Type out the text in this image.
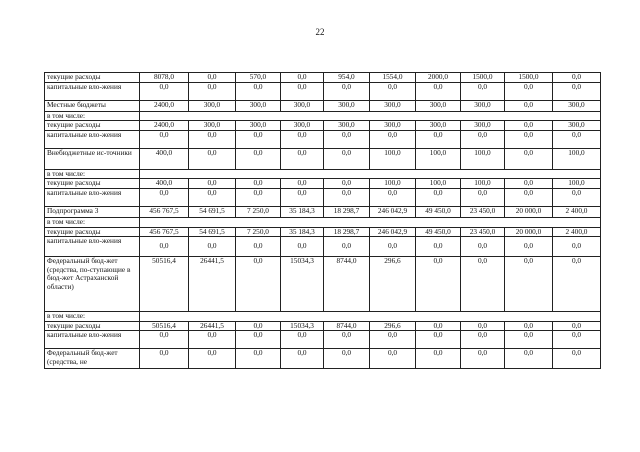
22
текущие расходы	8078,0	0,0	570,0	0,0	954,0	1554,0	2000,0	1500,0	1500,0	0,0
капитальные вло-жения	0,0	0,0	0,0	0,0	0,0	0,0	0,0	0,0	0,0	0,0
Местные бюджеты	2400,0	300,0	300,0	300,0	300,0	300,0	300,0	300,0	0,0	300,0
в том числе:										
текущие расходы	2400,0	300,0	300,0	300,0	300,0	300,0	300,0	300,0	0,0	300,0
капитальные вло-жения	0,0	0,0	0,0	0,0	0,0	0,0	0,0	0,0	0,0	0,0
Внебюджетные ис-точники	400,0	0,0	0,0	0,0	0,0	100,0	100,0	100,0	0,0	100,0
в том числе:										
текущие расходы	400,0	0,0	0,0	0,0	0,0	100,0	100,0	100,0	0,0	100,0
капитальные вло-жения	0,0	0,0	0,0	0,0	0,0	0,0	0,0	0,0	0,0	0,0
Подпрограмма 3	456 767,5	54 691,5	7 250,0	35 184,3	18 298,7	246 042,9	49 450,0	23 450,0	20 000,0	2 400,0
в том числе:										
текущие расходы	456 767,5	54 691,5	7 250,0	35 184,3	18 298,7	246 042,9	49 450,0	23 450,0	20 000,0	2 400,0
капитальные вло-жения	0,0	0,0	0,0	0,0	0,0	0,0	0,0	0,0	0,0	0,0
Федеральный бюд-жет (средства, по-ступающие в бюд-жет Астраханской области)	50516,4	26441,5	0,0	15034,3	8744,0	296,6	0,0	0,0	0,0	0,0
в том числе:										
текущие расходы	50516,4	26441,5	0,0	15034,3	8744,0	296,6	0,0	0,0	0,0	0,0
капитальные вло-жения	0,0	0,0	0,0	0,0	0,0	0,0	0,0	0,0	0,0	0,0
Федеральный бюд-жет (средства, не	0,0	0,0	0,0	0,0	0,0	0,0	0,0	0,0	0,0	0,0
